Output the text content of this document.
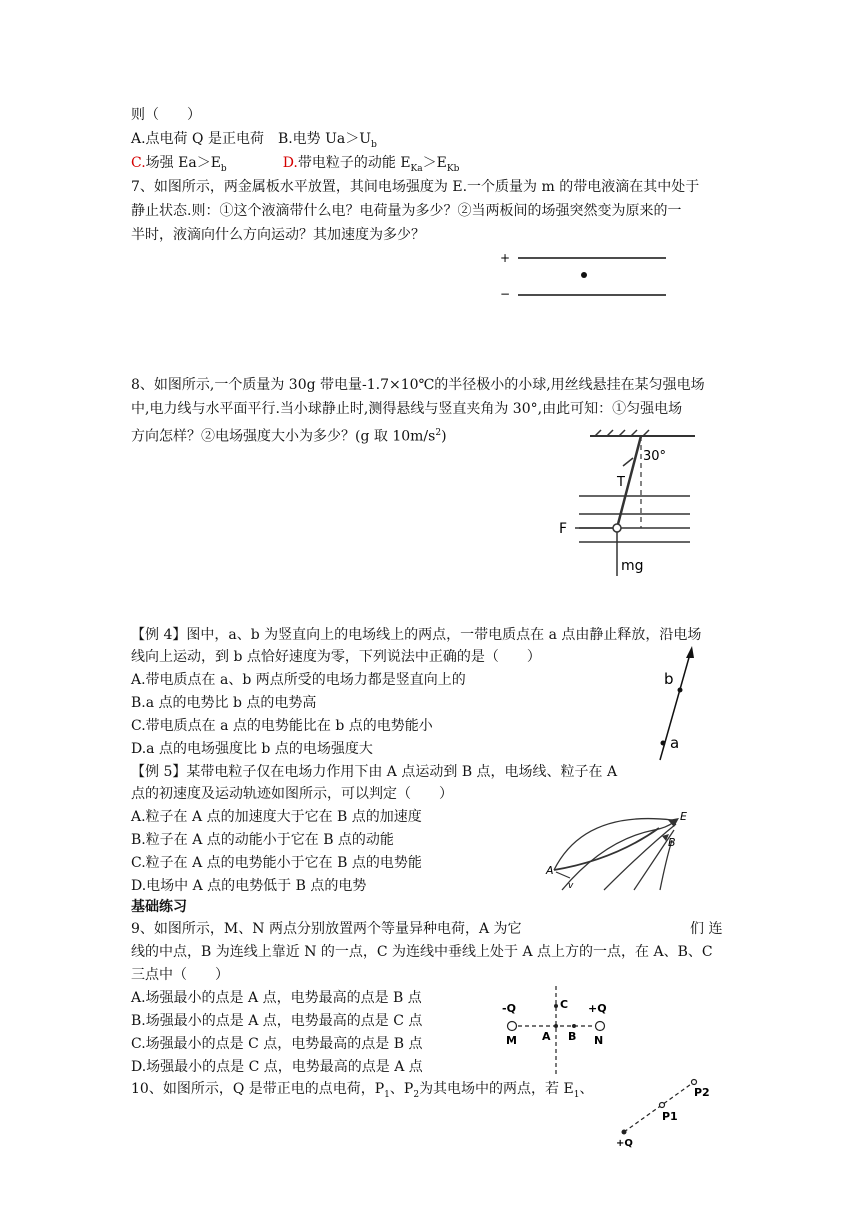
则（　　）
A.点电荷 Q 是正电荷　B.电势 $Ua>U_b$
C.场强 $Ea>E_b$	D.带电粒子的动能 $E_{Ka}>E_{Kb}$
7、如图所示，两金属板水平放置，其间电场强度为 E.一个质量为 m 的带电液滴在其中处于
静止状态.则：①这个液滴带什么电？电荷量为多少？②当两板间的场强突然变为原来的一
半时，液滴向什么方向运动？其加速度为多少？
+
−
8、如图所示,一个质量为 30g 带电量-1.7×10℃的半径极小的小球,用丝线悬挂在某匀强电场
中,电力线与水平面平行.当小球静止时,测得悬线与竖直夹角为 30°,由此可知：①匀强电场
方向怎样？②电场强度大小为多少？(g 取 $10m/s^2$)
30°
T
F
mg
【例 4】图中，a、b 为竖直向上的电场线上的两点，一带电质点在 a 点由静止释放，沿电场
线向上运动，到 b 点恰好速度为零，下列说法中正确的是（　　）
A.带电质点在 a、b 两点所受的电场力都是竖直向上的
B.a 点的电势比 b 点的电势高
C.带电质点在 a 点的电势能比在 b 点的电势能小
D.a 点的电场强度比 b 点的电场强度大
b
a
【例 5】某带电粒子仅在电场力作用下由 A 点运动到 B 点，电场线、粒子在 A
点的初速度及运动轨迹如图所示，可以判定（　　）
A.粒子在 A 点的加速度大于它在 B 点的加速度
B.粒子在 A 点的动能小于它在 B 点的动能
C.粒子在 A 点的电势能小于它在 B 点的电势能
D.电场中 A 点的电势低于 B 点的电势
E
B
A
v
基础练习
9、如图所示，M、N 两点分别放置两个等量异种电荷，A 为它	们 连
线的中点，B 为连线上靠近 N 的一点，C 为连线中垂线上处于 A 点上方的一点，在 A、B、C
三点中（　　）
A.场强最小的点是 A 点，电势最高的点是 B 点
B.场强最小的点是 A 点，电势最高的点是 C 点
C.场强最小的点是 C 点，电势最高的点是 B 点
D.场强最小的点是 C 点，电势最高的点是 A 点
-Q	+Q
C
M A B N
10、如图所示，Q 是带正电的点电荷，$P_1$、$P_2$为其电场中的两点，若 $E_1$、
+Q
P1
P2
